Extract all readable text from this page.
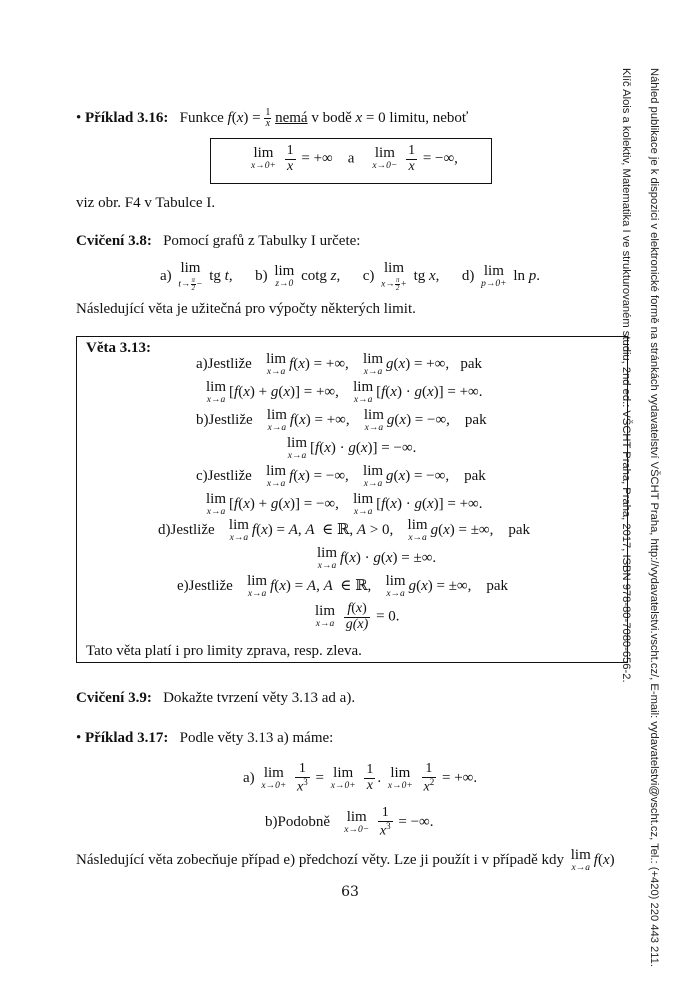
Náhled publikace je k dispozici v elektronické formě na stránkách vydavatelství VŠCHT Praha, http://vydavatelstvi.vscht.cz/, E-mail: vydavatelstvi@vscht.cz, Tel.: (+420) 220 443 211.
Klíč Alois a kolektiv, Matematika I ve strukturovaném studiu, 2nd ed.: VŠCHT Praha, Praha, 2017, ISBN 978-80-7080-656-2.
• Příklad 3.16: Funkce $f(x) = \frac{1}{x}$ nemá v bodě x = 0 limitu, neboť
lim
x→0+
$\frac{1}{x}$ = +∞    a lim
x→0−
$\frac{1}{x}$ = −∞,
viz obr. F4 v Tabulce I.
Cvičení 3.8: Pomocí grafů z Tabulky I určete:
a) lim
t→ π
2−
tg t,      b) lim
z→0 cotg z,      c) lim
x→ π
2+
tg x,      d) lim
p→0+ ln p.
Následující věta je užitečná pro výpočty některých limit.
Věta 3.13:
a)Jestliže lim
x→a f(x) = +∞, lim
x→a g(x) = +∞,   pak
lim
x→a [f(x) + g(x)] = +∞, lim
x→a [f(x) · g(x)] = +∞.
b)Jestliže lim
x→a f(x) = +∞, lim
x→a g(x) = −∞,    pak
lim
x→a [f(x) · g(x)] = −∞.
c)Jestliže lim
x→a f(x) = −∞, lim
x→a g(x) = −∞,    pak
lim
x→a [f(x) + g(x)] = −∞, lim
x→a [f(x) · g(x)] = +∞.
d)Jestliže lim
x→a f(x) = A, A  ∈ ℝ, A > 0, lim
x→a g(x) = ±∞,    pak
lim
x→a f(x) · g(x) = ±∞.
e)Jestliže lim
x→a f(x) = A, A  ∈ ℝ, lim
x→a g(x) = ±∞,    pak
lim
x→a
$\frac{f(x)}{g(x)} = 0$.
Tato věta platí i pro limity zprava, resp. zleva.
Cvičení 3.9: Dokažte tvrzení věty 3.13 ad a).
• Příklad 3.17: Podle věty 3.13 a) máme:
a) lim
x→0+
$\frac{1}{x^3} = \lim$
x→0+
$\frac{1}{x}$ . lim
x→0+
$\frac{1}{x^2}$ = +∞.
b)Podobně lim
x→0−
$\frac{1}{x^3}$ = −∞.
Následující věta zobecňuje případ e) předchozí věty. Lze ji použít i v případě kdy lim
x→a f(x)
63
